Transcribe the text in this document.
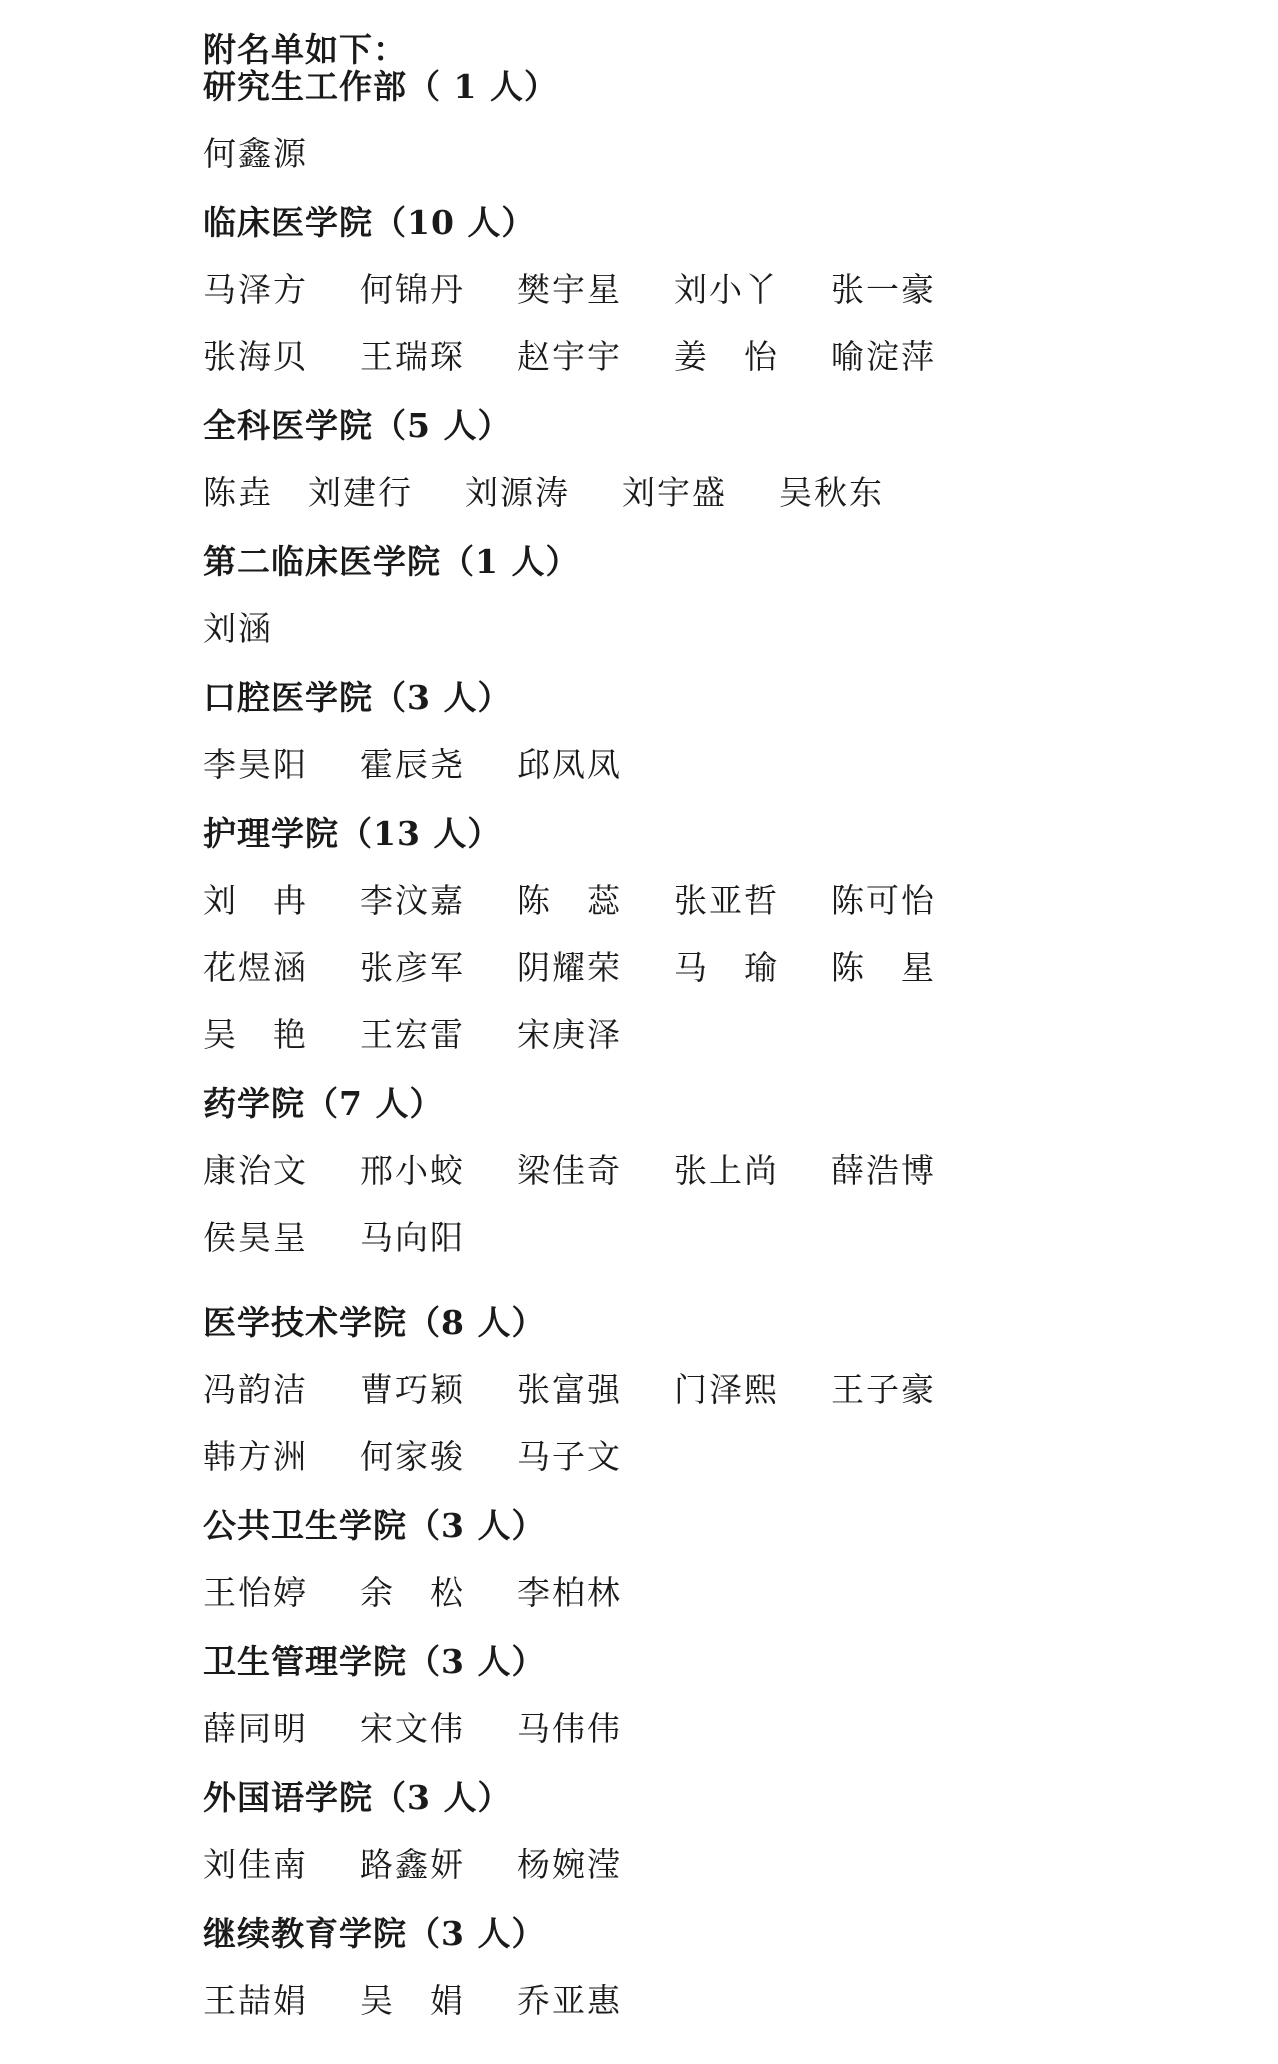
附名单如下：
研究生工作部（ 1 人）
何鑫源
临床医学院（10 人）
马泽方 何锦丹 樊宇星 刘小丫 张一豪
张海贝 王瑞琛 赵宇宇 姜　怡 喻淀萍
全科医学院（5 人）
陈垚 刘建行 刘源涛 刘宇盛 吴秋东
第二临床医学院（1 人）
刘涵
口腔医学院（3 人）
李昊阳 霍辰尧 邱凤凤
护理学院（13 人）
刘　冉 李汶嘉 陈　蕊 张亚哲 陈可怡
花煜涵 张彦军 阴耀荣 马　瑜 陈　星
吴　艳 王宏雷 宋庚泽
药学院（7 人）
康治文 邢小蛟 梁佳奇 张上尚 薛浩博
侯昊呈 马向阳
医学技术学院（8 人）
冯韵洁 曹巧颖 张富强 门泽熙 王子豪
韩方洲 何家骏 马子文
公共卫生学院（3 人）
王怡婷 余　松 李柏林
卫生管理学院（3 人）
薛同明 宋文伟 马伟伟
外国语学院（3 人）
刘佳南 路鑫妍 杨婉滢
继续教育学院（3 人）
王喆娟 吴　娟 乔亚惠
